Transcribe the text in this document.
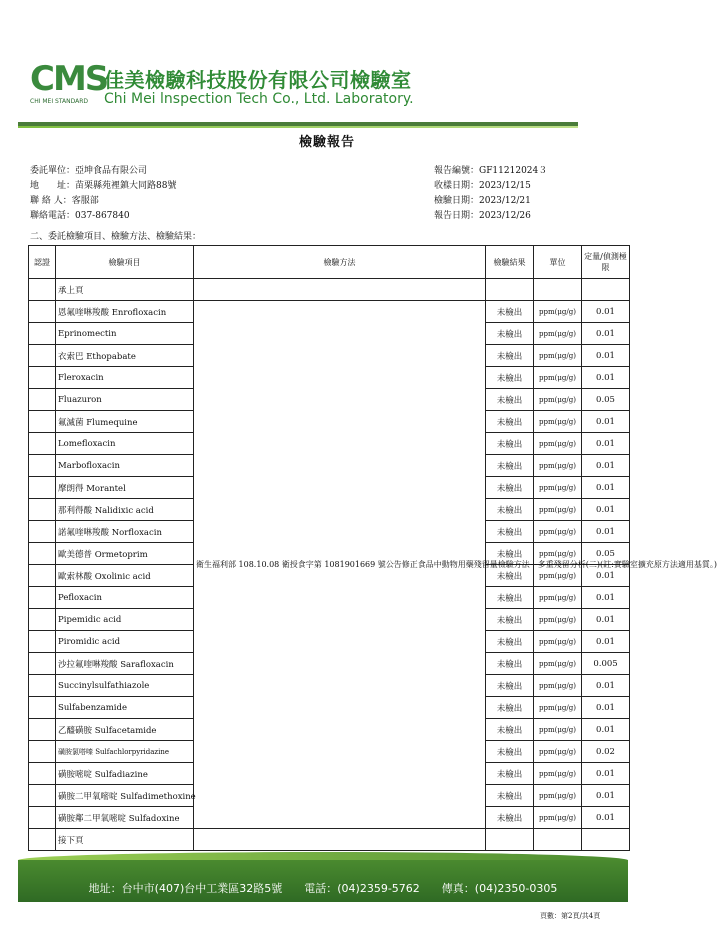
CMS
CHI MEI STANDARD
佳美檢驗科技股份有限公司檢驗室
Chi Mei lnspection Tech Co., Ltd. Laboratory.
檢驗報告
委託單位：亞坤食品有限公司
地　　址：苗栗縣苑裡鎮大同路88號
聯 絡 人：客服部
聯絡電話：037-867840
報告編號：GF11212024３
收樣日期：2023/12/15
檢驗日期：2023/12/21
報告日期：2023/12/26
二、委託檢驗項目、檢驗方法、檢驗結果：
認證	檢驗項目	檢驗方法	檢驗結果	單位	定量/偵測極限
	承上頁				
	恩氟喹啉羧酸 Enrofloxacin	衛生福利部 108.10.08 衛授食字第 1081901669 號公告修正食品中動物用藥殘留量檢驗方法－多重殘留分析(二)(註:實驗室擴充原方法適用基質。)	未檢出	ppm(μg/g)	0.01
	Eprinomectin		未檢出	ppm(μg/g)	0.01
	衣索巴 Ethopabate		未檢出	ppm(μg/g)	0.01
	Fleroxacin		未檢出	ppm(μg/g)	0.01
	Fluazuron		未檢出	ppm(μg/g)	0.05
	氟滅菌 Flumequine		未檢出	ppm(μg/g)	0.01
	Lomefloxacin		未檢出	ppm(μg/g)	0.01
	Marbofloxacin		未檢出	ppm(μg/g)	0.01
	摩朗得 Morantel		未檢出	ppm(μg/g)	0.01
	那利得酸 Nalidixic acid		未檢出	ppm(μg/g)	0.01
	諾氟喹啉羧酸 Norfloxacin		未檢出	ppm(μg/g)	0.01
	歐美德普 Ormetoprim		未檢出	ppm(μg/g)	0.05
	歐索林酸 Oxolinic acid		未檢出	ppm(μg/g)	0.01
	Pefloxacin		未檢出	ppm(μg/g)	0.01
	Pipemidic acid		未檢出	ppm(μg/g)	0.01
	Piromidic acid		未檢出	ppm(μg/g)	0.01
	沙拉氟喹啉羧酸 Sarafloxacin		未檢出	ppm(μg/g)	0.005
	Succinylsulfathiazole		未檢出	ppm(μg/g)	0.01
	Sulfabenzamide		未檢出	ppm(μg/g)	0.01
	乙醯磺胺 Sulfacetamide		未檢出	ppm(μg/g)	0.01
	磺胺氯嗒嗪 Sulfachlorpyridazine		未檢出	ppm(μg/g)	0.02
	磺胺嘧啶 Sulfadiazine		未檢出	ppm(μg/g)	0.01
	磺胺二甲氧嘧啶 Sulfadimethoxine		未檢出	ppm(μg/g)	0.01
	磺胺鄰二甲氧嘧啶 Sulfadoxine		未檢出	ppm(μg/g)	0.01
	接下頁				
地址：台中市(407)台中工業區32路5號　　電話：(04)2359-5762　　傳真：(04)2350-0305
頁數：第2頁/共4頁
